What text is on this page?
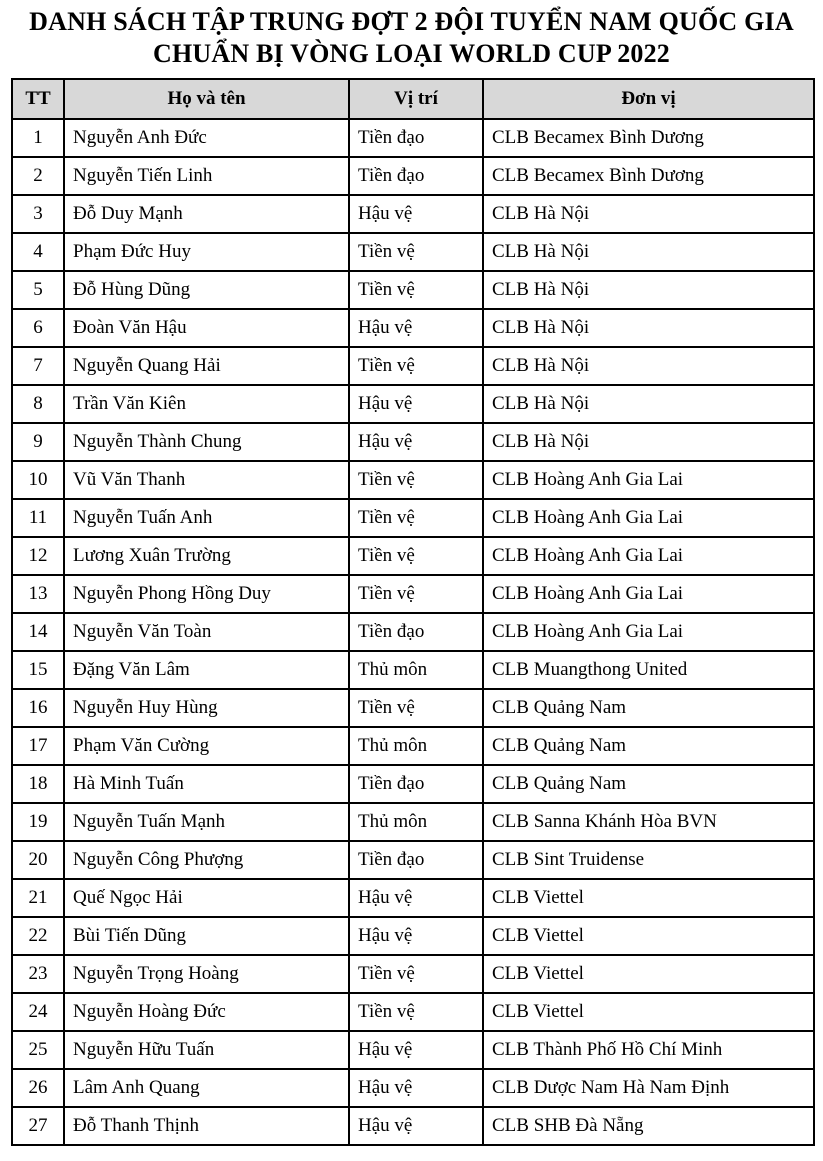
DANH SÁCH TẬP TRUNG ĐỢT 2 ĐỘI TUYỂN NAM QUỐC GIA
CHUẨN BỊ VÒNG LOẠI WORLD CUP 2022
TT	Họ và tên	Vị trí	Đơn vị
1	Nguyễn Anh Đức	Tiền đạo	CLB Becamex Bình Dương
2	Nguyễn Tiến Linh	Tiền đạo	CLB Becamex Bình Dương
3	Đỗ Duy Mạnh	Hậu vệ	CLB Hà Nội
4	Phạm Đức Huy	Tiền vệ	CLB Hà Nội
5	Đỗ Hùng Dũng	Tiền vệ	CLB Hà Nội
6	Đoàn Văn Hậu	Hậu vệ	CLB Hà Nội
7	Nguyễn Quang Hải	Tiền vệ	CLB Hà Nội
8	Trần Văn Kiên	Hậu vệ	CLB Hà Nội
9	Nguyễn Thành Chung	Hậu vệ	CLB Hà Nội
10	Vũ Văn Thanh	Tiền vệ	CLB Hoàng Anh Gia Lai
11	Nguyễn Tuấn Anh	Tiền vệ	CLB Hoàng Anh Gia Lai
12	Lương Xuân Trường	Tiền vệ	CLB Hoàng Anh Gia Lai
13	Nguyễn Phong Hồng Duy	Tiền vệ	CLB Hoàng Anh Gia Lai
14	Nguyễn Văn Toàn	Tiền đạo	CLB Hoàng Anh Gia Lai
15	Đặng Văn Lâm	Thủ môn	CLB Muangthong United
16	Nguyễn Huy Hùng	Tiền vệ	CLB Quảng Nam
17	Phạm Văn Cường	Thủ môn	CLB Quảng Nam
18	Hà Minh Tuấn	Tiền đạo	CLB Quảng Nam
19	Nguyễn Tuấn Mạnh	Thủ môn	CLB Sanna Khánh Hòa BVN
20	Nguyễn Công Phượng	Tiền đạo	CLB Sint Truidense
21	Quế Ngọc Hải	Hậu vệ	CLB Viettel
22	Bùi Tiến Dũng	Hậu vệ	CLB Viettel
23	Nguyễn Trọng Hoàng	Tiền vệ	CLB Viettel
24	Nguyễn Hoàng Đức	Tiền vệ	CLB Viettel
25	Nguyễn Hữu Tuấn	Hậu vệ	CLB Thành Phố Hồ Chí Minh
26	Lâm Anh Quang	Hậu vệ	CLB Dược Nam Hà Nam Định
27	Đỗ Thanh Thịnh	Hậu vệ	CLB SHB Đà Nẵng
